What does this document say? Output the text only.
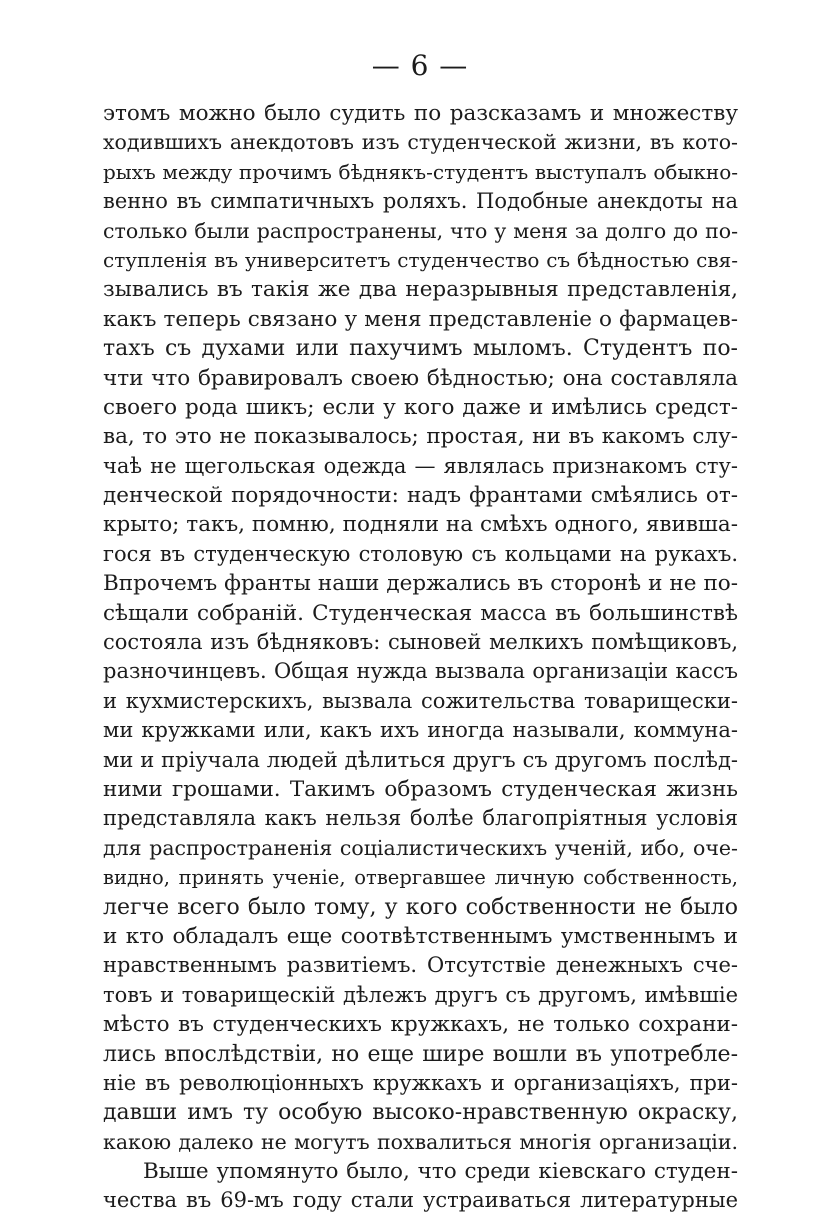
— 6 —
этомъ можно было судить по разсказамъ и множеству
ходившихъ анекдотовъ изъ студенческой жизни, въ кото-
рыхъ между прочимъ бѣднякъ-студентъ выступалъ обыкно-
венно въ симпатичныхъ роляхъ. Подобные анекдоты на
столько были распространены, что у меня за долго до по-
ступленія въ университетъ студенчество съ бѣдностью свя-
зывались въ такія же два неразрывныя представленія,
какъ теперь связано у меня представленіе о фармацев-
тахъ съ духами или пахучимъ мыломъ. Студентъ по-
чти что бравировалъ своею бѣдностью; она составляла
своего рода шикъ; если у кого даже и имѣлись средст-
ва, то это не показывалось; простая, ни въ какомъ слу-
чаѣ не щегольская одежда — являлась признакомъ сту-
денческой порядочности: надъ франтами смѣялись от-
крыто; такъ, помню, подняли на смѣхъ одного, явивша-
гося въ студенческую столовую съ кольцами на рукахъ.
Впрочемъ франты наши держались въ сторонѣ и не по-
сѣщали собраній. Студенческая масса въ большинствѣ
состояла изъ бѣдняковъ: сыновей мелкихъ помѣщиковъ,
разночинцевъ. Общая нужда вызвала организаціи кассъ
и кухмистерскихъ, вызвала сожительства товарищески-
ми кружками или, какъ ихъ иногда называли, коммуна-
ми и пріучала людей дѣлиться другъ съ другомъ послѣд-
ними грошами. Такимъ образомъ студенческая жизнь
представляла какъ нельзя болѣе благопріятныя условія
для распространенія соціалистическихъ ученій, ибо, оче-
видно, принять ученіе, отвергавшее личную собственность,
легче всего было тому, у кого собственности не было
и кто обладалъ еще соотвѣтственнымъ умственнымъ и
нравственнымъ развитіемъ. Отсутствіе денежныхъ сче-
товъ и товарищескій дѣлежъ другъ съ другомъ, имѣвшіе
мѣсто въ студенческихъ кружкахъ, не только сохрани-
лись впослѣдствіи, но еще шире вошли въ употребле-
ніе въ революціонныхъ кружкахъ и организаціяхъ, при-
давши имъ ту особую высоко-нравственную окраску,
какою далеко не могутъ похвалиться многія организаціи.
Выше упомянуто было, что среди кіевскаго студен-
чества въ 69-мъ году стали устраиваться литературные
